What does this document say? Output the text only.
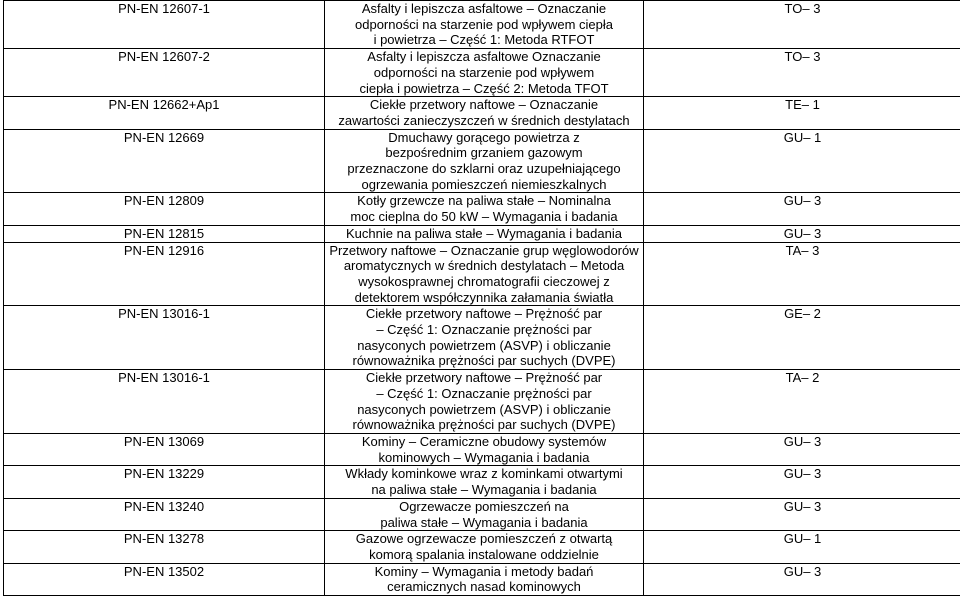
PN-EN 12607-1	Asfalty i lepiszcza asfaltowe – Oznaczanie
odporności na starzenie pod wpływem ciepła
i powietrza – Część 1: Metoda RTFOT	TO– 3
PN-EN 12607-2	Asfalty i lepiszcza asfaltowe Oznaczanie
odporności na starzenie pod wpływem
ciepła i powietrza – Część 2: Metoda TFOT	TO– 3
PN-EN 12662+Ap1	Ciekłe przetwory naftowe – Oznaczanie
zawartości zanieczyszczeń w średnich destylatach	TE– 1
PN-EN 12669	Dmuchawy gorącego powietrza z
bezpośrednim grzaniem gazowym
przeznaczone do szklarni oraz uzupełniającego
ogrzewania pomieszczeń niemieszkalnych	GU– 1
PN-EN 12809	Kotły grzewcze na paliwa stałe – Nominalna
moc cieplna do 50 kW – Wymagania i badania	GU– 3
PN-EN 12815	Kuchnie na paliwa stałe – Wymagania i badania	GU– 3
PN-EN 12916	Przetwory naftowe – Oznaczanie grup węglowodorów
aromatycznych w średnich destylatach – Metoda
wysokosprawnej chromatografii cieczowej z
detektorem współczynnika załamania światła	TA– 3
PN-EN 13016-1	Ciekłe przetwory naftowe – Prężność par
– Część 1: Oznaczanie prężności par
nasyconych powietrzem (ASVP) i obliczanie
równoważnika prężności par suchych (DVPE)	GE– 2
PN-EN 13016-1	Ciekłe przetwory naftowe – Prężność par
– Część 1: Oznaczanie prężności par
nasyconych powietrzem (ASVP) i obliczanie
równoważnika prężności par suchych (DVPE)	TA– 2
PN-EN 13069	Kominy – Ceramiczne obudowy systemów
kominowych – Wymagania i badania	GU– 3
PN-EN 13229	Wkłady kominkowe wraz z kominkami otwartymi
na paliwa stałe – Wymagania i badania	GU– 3
PN-EN 13240	Ogrzewacze pomieszczeń na
paliwa stałe – Wymagania i badania	GU– 3
PN-EN 13278	Gazowe ogrzewacze pomieszczeń z otwartą
komorą spalania instalowane oddzielnie	GU– 1
PN-EN 13502	Kominy – Wymagania i metody badań
ceramicznych nasad kominowych	GU– 3
